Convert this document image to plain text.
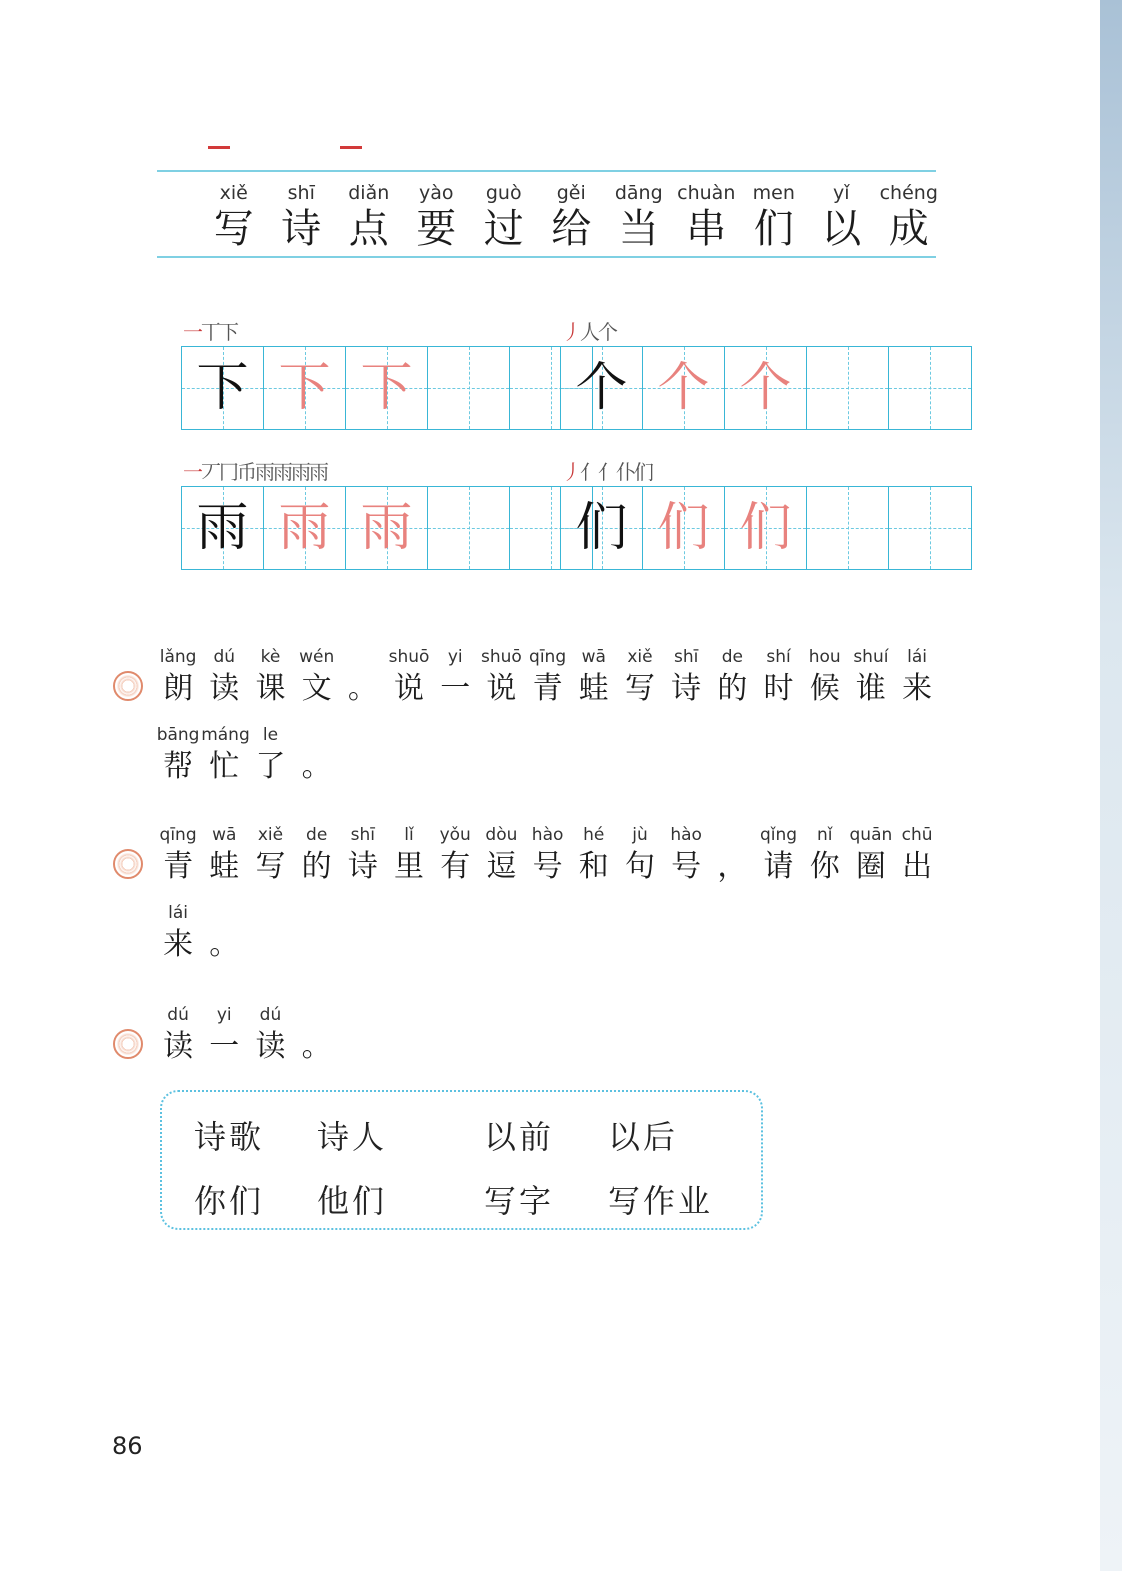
xiě
写
shī
诗
diǎn
点
yào
要
guò
过
gěi
给
dāng
当
chuàn
串
men
们
yǐ
以
chéng
成
一丅下
下 下 下
丿人个
个 个 个
一丆冂币雨雨雨雨
雨 雨 雨
丿亻亻仆们
们 们 们
lǎng
朗
dú
读
kè
课
wén
文 。
shuō
说
yi
一
shuō
说
qīng
青
wā
蛙
xiě
写
shī
诗
de
的
shí
时
hou
候
shuí
谁
lái
来
bāng
帮
máng
忙
le
了 。
qīng
青
wā
蛙
xiě
写
de
的
shī
诗
lǐ
里
yǒu
有
dòu
逗
hào
号
hé
和
jù
句
hào
号 ，
qǐng
请
nǐ
你
quān
圈
chū
出
lái
来 。
dú
读
yi
一
dú
读 。
诗歌 诗人	以前 以后
你们 他们	写字 写作业
86
